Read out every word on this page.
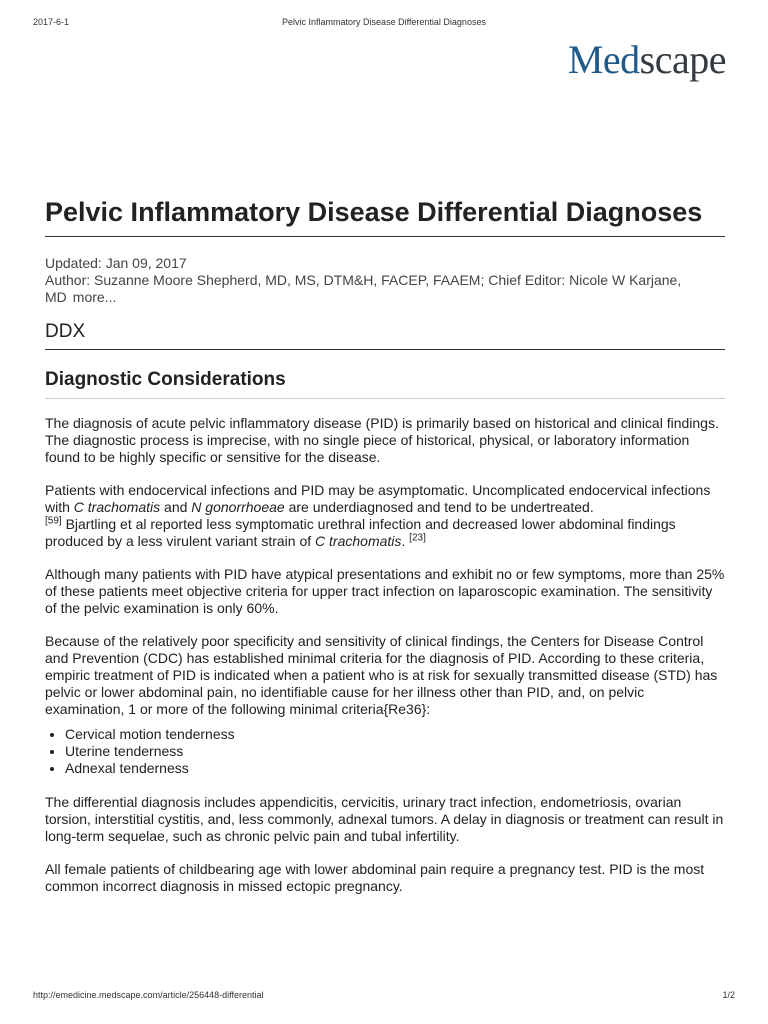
2017-6-1	Pelvic Inflammatory Disease Differential Diagnoses
Medscape
Pelvic Inflammatory Disease Differential Diagnoses
Updated: Jan 09, 2017

Author: Suzanne Moore Shepherd, MD, MS, DTM&H, FACEP, FAAEM; Chief Editor: Nicole W Karjane, MD more...

DDX
Diagnostic Considerations

The diagnosis of acute pelvic inflammatory disease (PID) is primarily based on historical and clinical findings. The diagnostic process is imprecise, with no single piece of historical, physical, or laboratory information found to be highly specific or sensitive for the disease.

Patients with endocervical infections and PID may be asymptomatic. Uncomplicated endocervical infections with C trachomatis and N gonorrhoeae are underdiagnosed and tend to be undertreated.
[59] Bjartling et al reported less symptomatic urethral infection and decreased lower abdominal findings produced by a less virulent variant strain of C trachomatis. [23]

Although many patients with PID have atypical presentations and exhibit no or few symptoms, more than 25% of these patients meet objective criteria for upper tract infection on laparoscopic examination. The sensitivity of the pelvic examination is only 60%.

Because of the relatively poor specificity and sensitivity of clinical findings, the Centers for Disease Control and Prevention (CDC) has established minimal criteria for the diagnosis of PID. According to these criteria, empiric treatment of PID is indicated when a patient who is at risk for sexually transmitted disease (STD) has pelvic or lower abdominal pain, no identifiable cause for her illness other than PID, and, on pelvic examination, 1 or more of the following minimal criteria{Re36}:

• Cervical motion tenderness
• Uterine tenderness
• Adnexal tenderness

The differential diagnosis includes appendicitis, cervicitis, urinary tract infection, endometriosis, ovarian torsion, interstitial cystitis, and, less commonly, adnexal tumors. A delay in diagnosis or treatment can result in long-term sequelae, such as chronic pelvic pain and tubal infertility.

All female patients of childbearing age with lower abdominal pain require a pregnancy test. PID is the most common incorrect diagnosis in missed ectopic pregnancy.

http://emedicine.medscape.com/article/256448-differential	1/2
